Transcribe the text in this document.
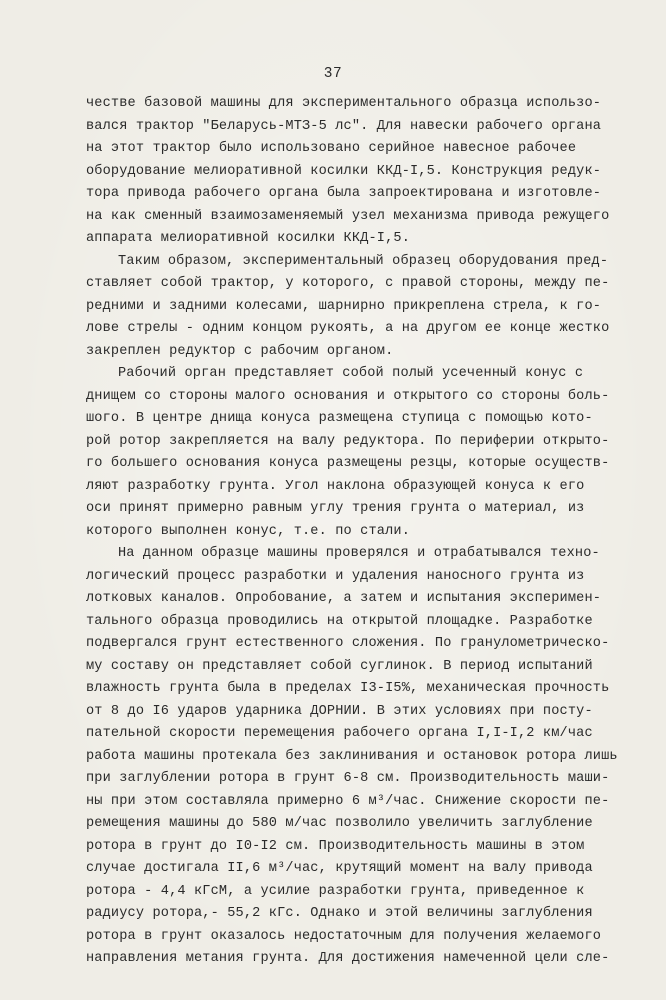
37
честве базовой машины для экспериментального образца использо-
вался трактор "Беларусь-МТЗ-5 лс". Для навески рабочего органа
на этот трактор было использовано серийное навесное рабочее
оборудование мелиоративной косилки ККД-I,5. Конструкция редук-
тора привода рабочего органа была запроектирована и изготовле-
на как сменный взаимозаменяемый узел механизма привода режущего
аппарата мелиоративной косилки ККД-I,5.
Таким образом, экспериментальный образец оборудования пред-
ставляет собой трактор, у которого, с правой стороны, между пе-
редними и задними колесами, шарнирно прикреплена стрела, к го-
лове стрелы - одним концом рукоять, а на другом ее конце жестко
закреплен редуктор с рабочим органом.
Рабочий орган представляет собой полый усеченный конус с
днищем со стороны малого основания и открытого со стороны боль-
шого. В центре днища конуса размещена ступица с помощью кото-
рой ротор закрепляется на валу редуктора. По периферии открыто-
го большего основания конуса размещены резцы, которые осуществ-
ляют разработку грунта. Угол наклона образующей конуса к его
оси принят примерно равным углу трения грунта о материал, из
которого выполнен конус, т.е. по стали.
На данном образце машины проверялся и отрабатывался техно-
логический процесс разработки и удаления наносного грунта из
лотковых каналов. Опробование, а затем и испытания эксперимен-
тального образца проводились на открытой площадке. Разработке
подвергался грунт естественного сложения. По гранулометрическо-
му составу он представляет собой суглинок. В период испытаний
влажность грунта была в пределах I3-I5%, механическая прочность
от 8 до I6 ударов ударника ДОРНИИ. В этих условиях при посту-
пательной скорости перемещения рабочего органа I,I-I,2 км/час
работа машины протекала без заклинивания и остановок ротора лишь
при заглублении ротора в грунт 6-8 см. Производительность маши-
ны при этом составляла примерно 6 м³/час. Снижение скорости пе-
ремещения машины до 580 м/час позволило увеличить заглубление
ротора в грунт до I0-I2 см. Производительность машины в этом
случае достигала II,6 м³/час, крутящий момент на валу привода
ротора - 4,4 кГсМ, а усилие разработки грунта, приведенное к
радиусу ротора,- 55,2 кГс. Однако и этой величины заглубления
ротора в грунт оказалось недостаточным для получения желаемого
направления метания грунта. Для достижения намеченной цели сле-
